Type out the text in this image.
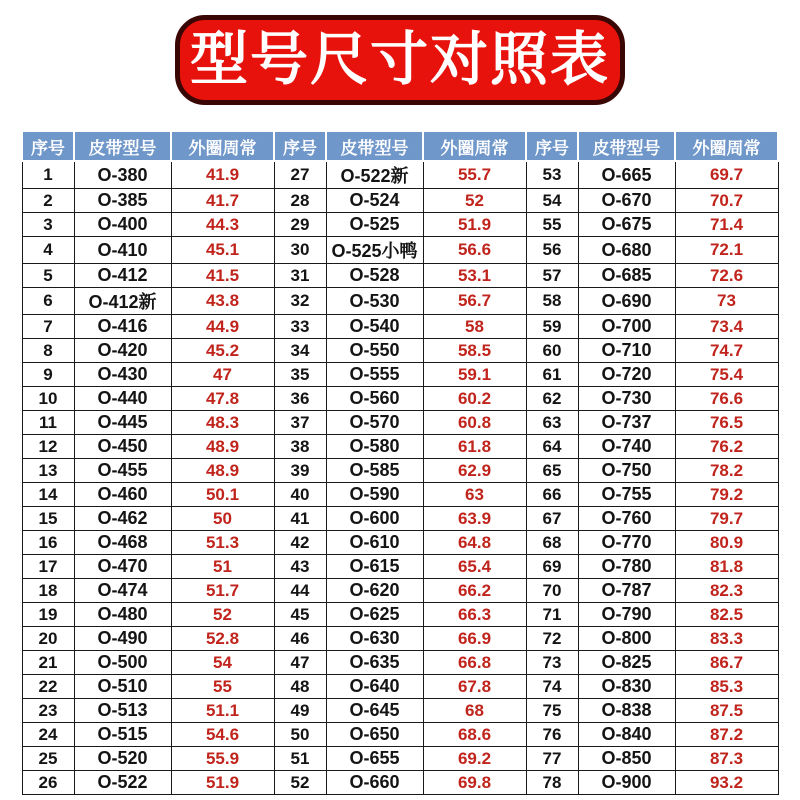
型号尺寸对照表
序号	皮带型号	外圈周常	序号	皮带型号	外圈周常	序号	皮带型号	外圈周常
1	O-380	41.9	27	O-522新	55.7	53	O-665	69.7
2	O-385	41.7	28	O-524	52	54	O-670	70.7
3	O-400	44.3	29	O-525	51.9	55	O-675	71.4
4	O-410	45.1	30	O-525小鸭	56.6	56	O-680	72.1
5	O-412	41.5	31	O-528	53.1	57	O-685	72.6
6	O-412新	43.8	32	O-530	56.7	58	O-690	73
7	O-416	44.9	33	O-540	58	59	O-700	73.4
8	O-420	45.2	34	O-550	58.5	60	O-710	74.7
9	O-430	47	35	O-555	59.1	61	O-720	75.4
10	O-440	47.8	36	O-560	60.2	62	O-730	76.6
11	O-445	48.3	37	O-570	60.8	63	O-737	76.5
12	O-450	48.9	38	O-580	61.8	64	O-740	76.2
13	O-455	48.9	39	O-585	62.9	65	O-750	78.2
14	O-460	50.1	40	O-590	63	66	O-755	79.2
15	O-462	50	41	O-600	63.9	67	O-760	79.7
16	O-468	51.3	42	O-610	64.8	68	O-770	80.9
17	O-470	51	43	O-615	65.4	69	O-780	81.8
18	O-474	51.7	44	O-620	66.2	70	O-787	82.3
19	O-480	52	45	O-625	66.3	71	O-790	82.5
20	O-490	52.8	46	O-630	66.9	72	O-800	83.3
21	O-500	54	47	O-635	66.8	73	O-825	86.7
22	O-510	55	48	O-640	67.8	74	O-830	85.3
23	O-513	51.1	49	O-645	68	75	O-838	87.5
24	O-515	54.6	50	O-650	68.6	76	O-840	87.2
25	O-520	55.9	51	O-655	69.2	77	O-850	87.3
26	O-522	51.9	52	O-660	69.8	78	O-900	93.2
